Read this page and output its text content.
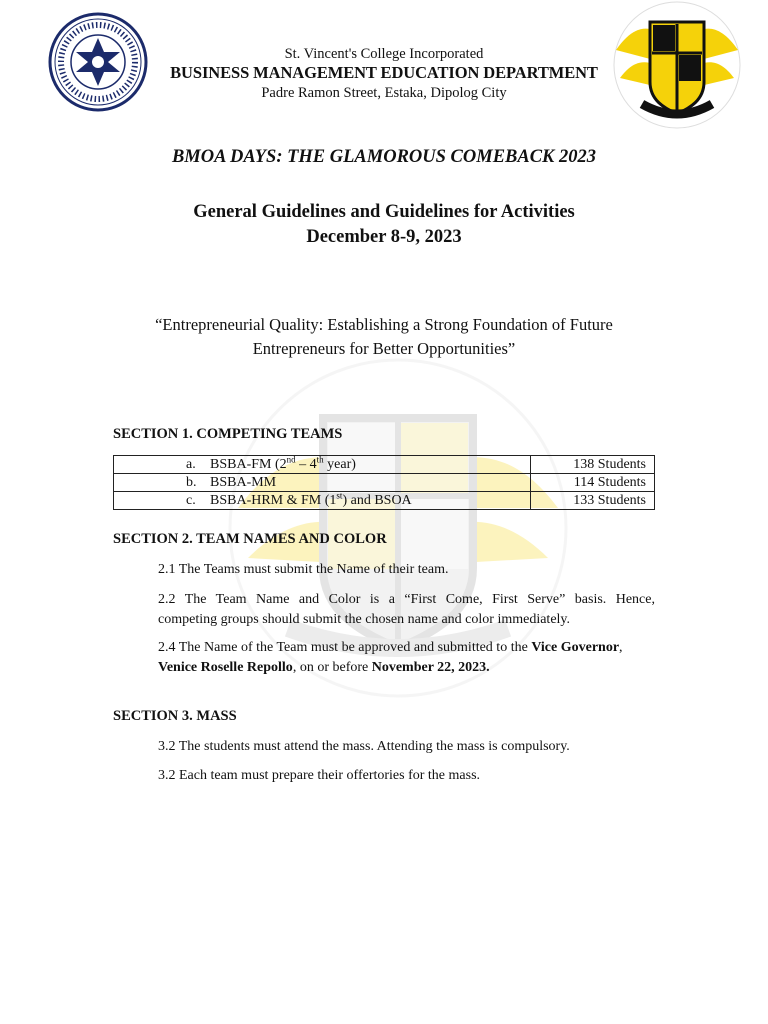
St. Vincent's College Incorporated
BUSINESS MANAGEMENT EDUCATION DEPARTMENT
Padre Ramon Street, Estaka, Dipolog City
BMOA DAYS: THE GLAMOROUS COMEBACK 2023
General Guidelines and Guidelines for Activities
December 8-9, 2023
“Entrepreneurial Quality: Establishing a Strong Foundation of Future
Entrepreneurs for Better Opportunities”
SECTION 1. COMPETING TEAMS
a. BSBA-FM (2nd – 4th year)	138 Students
b. BSBA-MM	114 Students
c. BSBA-HRM & FM (1st) and BSOA	133 Students
SECTION 2. TEAM NAMES AND COLOR
2.1 The Teams must submit the Name of their team.
2.2 The Team Name and Color is a “First Come, First Serve” basis. Hence,
competing groups should submit the chosen name and color immediately.
2.4 The Name of the Team must be approved and submitted to the Vice Governor,
Venice Roselle Repollo, on or before November 22, 2023.
SECTION 3. MASS
3.2 The students must attend the mass. Attending the mass is compulsory.
3.2 Each team must prepare their offertories for the mass.
